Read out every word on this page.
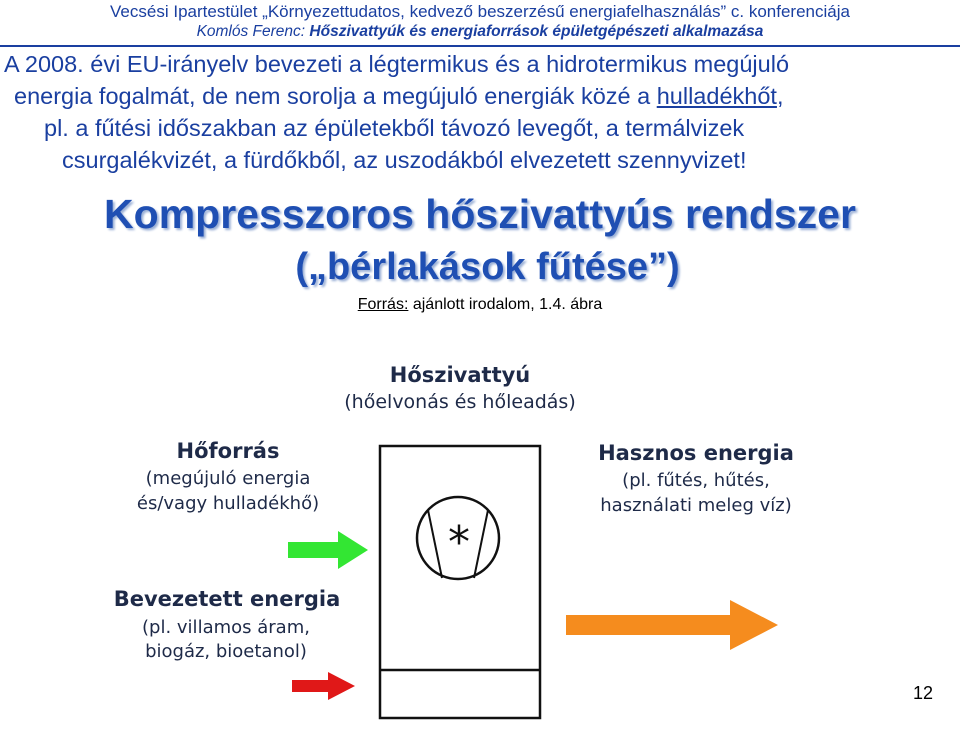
Vecsési Ipartestület „Környezettudatos, kedvező beszerzésű energiafelhasználás” c. konferenciája
Komlós Ferenc: Hőszivattyúk és energiaforrások épületgépészeti alkalmazása
A 2008. évi EU-irányelv bevezeti a légtermikus és a hidrotermikus megújuló
energia fogalmát, de nem sorolja a megújuló energiák közé a hulladékhőt,
pl. a fűtési időszakban az épületekből távozó levegőt, a termálvizek
csurgalékvizét, a fürdőkből, az uszodákból elvezetett szennyvizet!
Kompresszoros hőszivattyús rendszer
(„bérlakások fűtése”)
Forrás: ajánlott irodalom, 1.4. ábra
Hőszivattyú
(hőelvonás és hőleadás)
Hőforrás
(megújuló energia
és/vagy hulladékhő)
Bevezetett energia
(pl. villamos áram,
biogáz, bioetanol)
Hasznos energia
(pl. fűtés, hűtés,
használati meleg víz)
*
12
